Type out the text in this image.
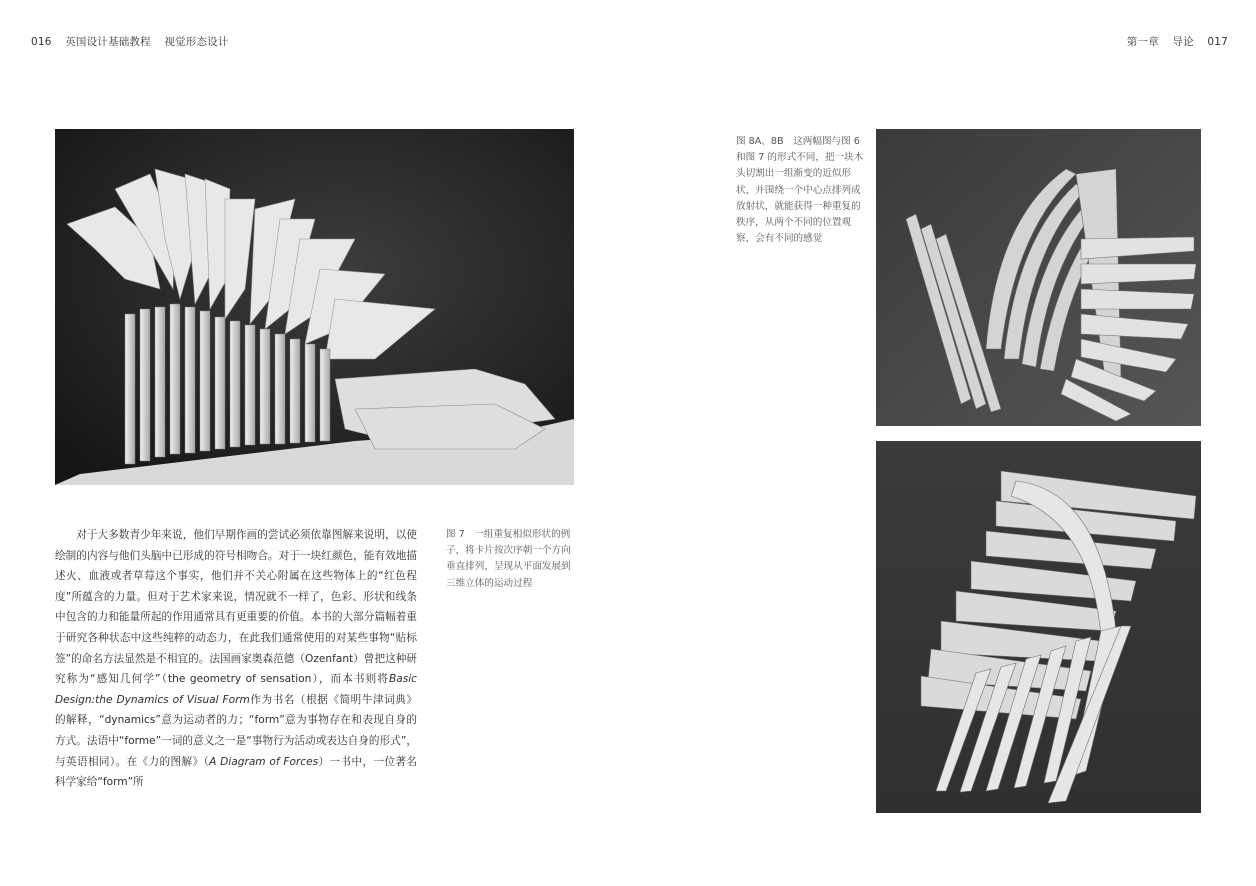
016 英国设计基础教程 视觉形态设计	第一章 导论 017

对于大多数青少年来说，他们早期作画的尝试必须依靠图解来说明，以使绘制的内容与他们头脑中已形成的符号相吻合。对于一块红颜色，能有效地描述火、血液或者草莓这个事实，他们并不关心附属在这些物体上的“红色程度”所蕴含的力量。但对于艺术家来说，情况就不一样了，色彩、形状和线条中包含的力和能量所起的作用通常具有更重要的价值。本书的大部分篇幅着重于研究各种状态中这些纯粹的动态力，在此我们通常使用的对某些事物“贴标签”的命名方法显然是不相宜的。法国画家奥森范德（Ozenfant）曾把这种研究称为“感知几何学”（the geometry of sensation），而本书则将Basic Design:the Dynamics of Visual Form作为书名（根据《简明牛津词典》的解释，“dynamics”意为运动者的力；“form”意为事物存在和表现自身的方式。法语中“forme”一词的意义之一是“事物行为活动或表达自身的形式”，与英语相同）。在《力的图解》（A Diagram of Forces）一书中，一位著名科学家给“form”所

图 7　一组重复相似形状的例子，将卡片按次序朝一个方向垂直排列，呈现从平面发展到三维立体的运动过程
图 8A、8B　这两幅图与图 6 和图 7 的形式不同，把一块木头切割出一组渐变的近似形状，并围绕一个中心点排列成放射状，就能获得一种重复的秩序，从两个不同的位置观察，会有不同的感觉
